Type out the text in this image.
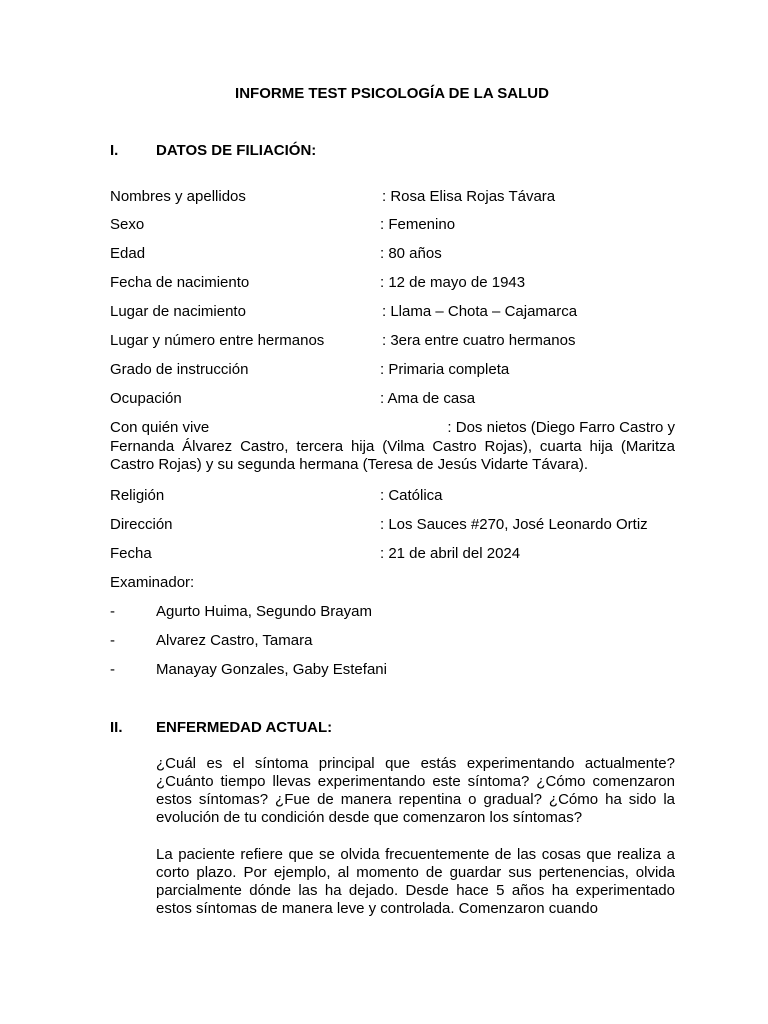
INFORME TEST PSICOLOGÍA DE LA SALUD
I.	DATOS DE FILIACIÓN:
Nombres y apellidos	: Rosa Elisa Rojas Távara
Sexo	: Femenino
Edad	: 80 años
Fecha de nacimiento	: 12 de mayo de 1943
Lugar de nacimiento	: Llama – Chota – Cajamarca
Lugar y número entre hermanos	: 3era entre cuatro hermanos
Grado de instrucción	: Primaria completa
Ocupación	: Ama de casa
Con quién vive	: Dos nietos (Diego Farro Castro y
Fernanda Álvarez Castro, tercera hija (Vilma Castro Rojas), cuarta hija (Maritza Castro Rojas) y su segunda hermana (Teresa de Jesús Vidarte Távara).
Religión	: Católica
Dirección	: Los Sauces #270, José Leonardo Ortiz
Fecha	: 21 de abril del 2024
Examinador:
-	Agurto Huima, Segundo Brayam
-	Alvarez Castro, Tamara
-	Manayay Gonzales, Gaby Estefani
II. ENFERMEDAD ACTUAL:
¿Cuál es el síntoma principal que estás experimentando actualmente? ¿Cuánto tiempo llevas experimentando este síntoma? ¿Cómo comenzaron estos síntomas? ¿Fue de manera repentina o gradual? ¿Cómo ha sido la evolución de tu condición desde que comenzaron los síntomas?
La paciente refiere que se olvida frecuentemente de las cosas que realiza a corto plazo. Por ejemplo, al momento de guardar sus pertenencias, olvida parcialmente dónde las ha dejado. Desde hace 5 años ha experimentado estos síntomas de manera leve y controlada. Comenzaron cuando
